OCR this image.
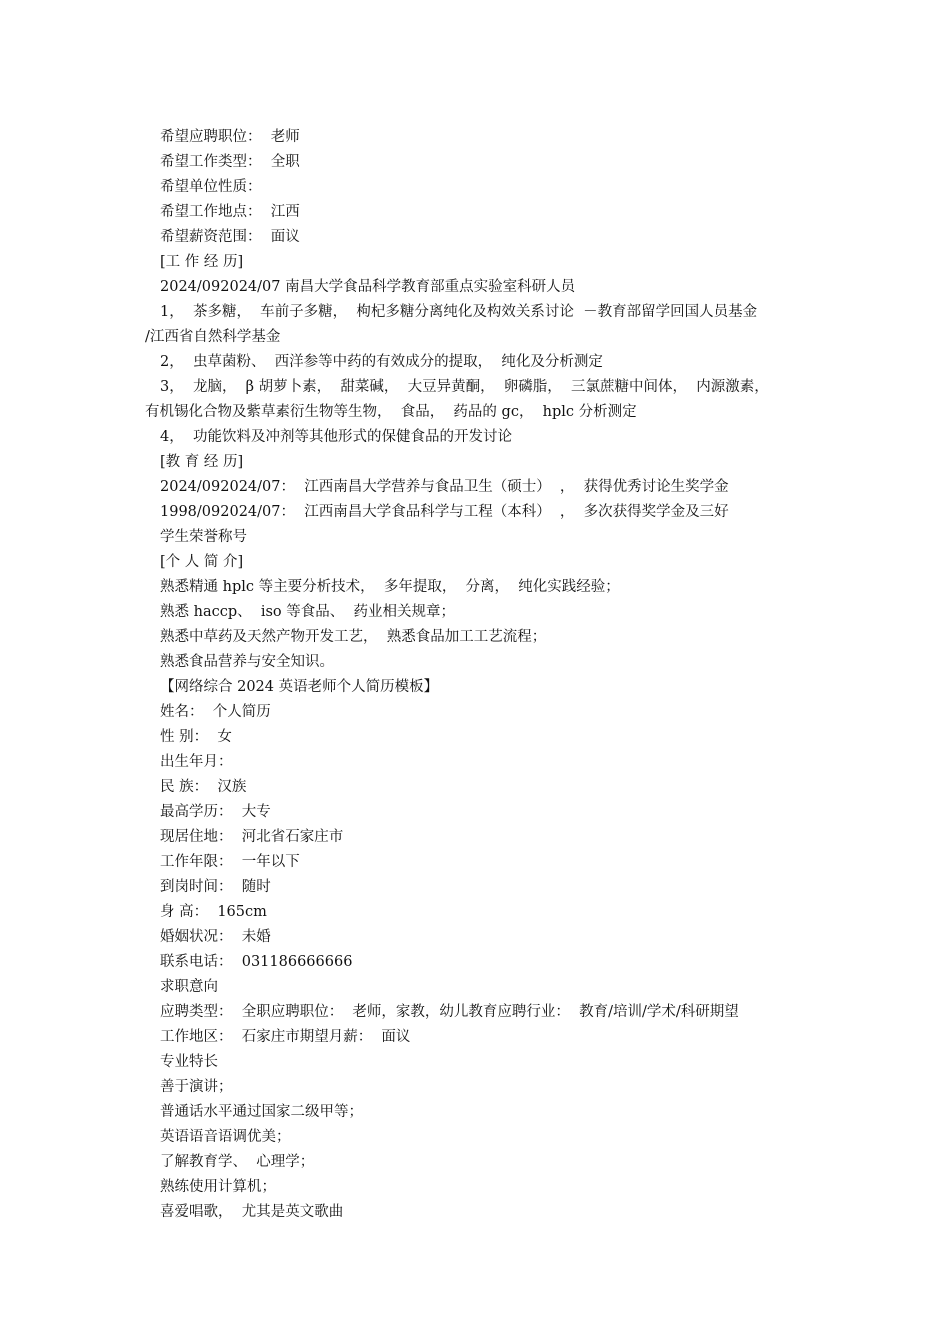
希望应聘职位：  老师
希望工作类型：  全职
希望单位性质：
希望工作地点：  江西
希望薪资范围：  面议
[工 作 经 历]
2024/092024/07 南昌大学食品科学教育部重点实验室科研人员
1，  茶多糖，  车前子多糖，  枸杞多糖分离纯化及构效关系讨论  －教育部留学回国人员基金
/江西省自然科学基金
2，  虫草菌粉、  西洋参等中药的有效成分的提取，  纯化及分析测定
3，  龙脑，  β 胡萝卜素，  甜菜碱，  大豆异黄酮，  卵磷脂，  三氯蔗糖中间体，  内源激素，
有机锡化合物及紫草素衍生物等生物，  食品，  药品的 gc，  hplc 分析测定
4，  功能饮料及冲剂等其他形式的保健食品的开发讨论
[教 育 经 历]
2024/092024/07：  江西南昌大学营养与食品卫生（硕士）  ，  获得优秀讨论生奖学金
1998/092024/07：  江西南昌大学食品科学与工程（本科）  ，  多次获得奖学金及三好
学生荣誉称号
[个 人 简 介]
熟悉精通 hplc 等主要分析技术，  多年提取，  分离，  纯化实践经验；
熟悉 haccp、  iso 等食品、  药业相关规章；
熟悉中草药及天然产物开发工艺，  熟悉食品加工工艺流程；
熟悉食品营养与安全知识。
【网络综合 2024 英语老师个人简历模板】
姓名：  个人简历
性 别：  女
出生年月：
民 族：  汉族
最高学历：  大专
现居住地：  河北省石家庄市
工作年限：  一年以下
到岗时间：  随时
身 高：  165cm
婚姻状况：  未婚
联系电话：  031186666666
求职意向
应聘类型：  全职应聘职位：  老师，家教，幼儿教育应聘行业：  教育/培训/学术/科研期望
工作地区：  石家庄市期望月薪：  面议
专业特长
善于演讲；
普通话水平通过国家二级甲等；
英语语音语调优美；
了解教育学、  心理学；
熟练使用计算机；
喜爱唱歌，  尤其是英文歌曲
